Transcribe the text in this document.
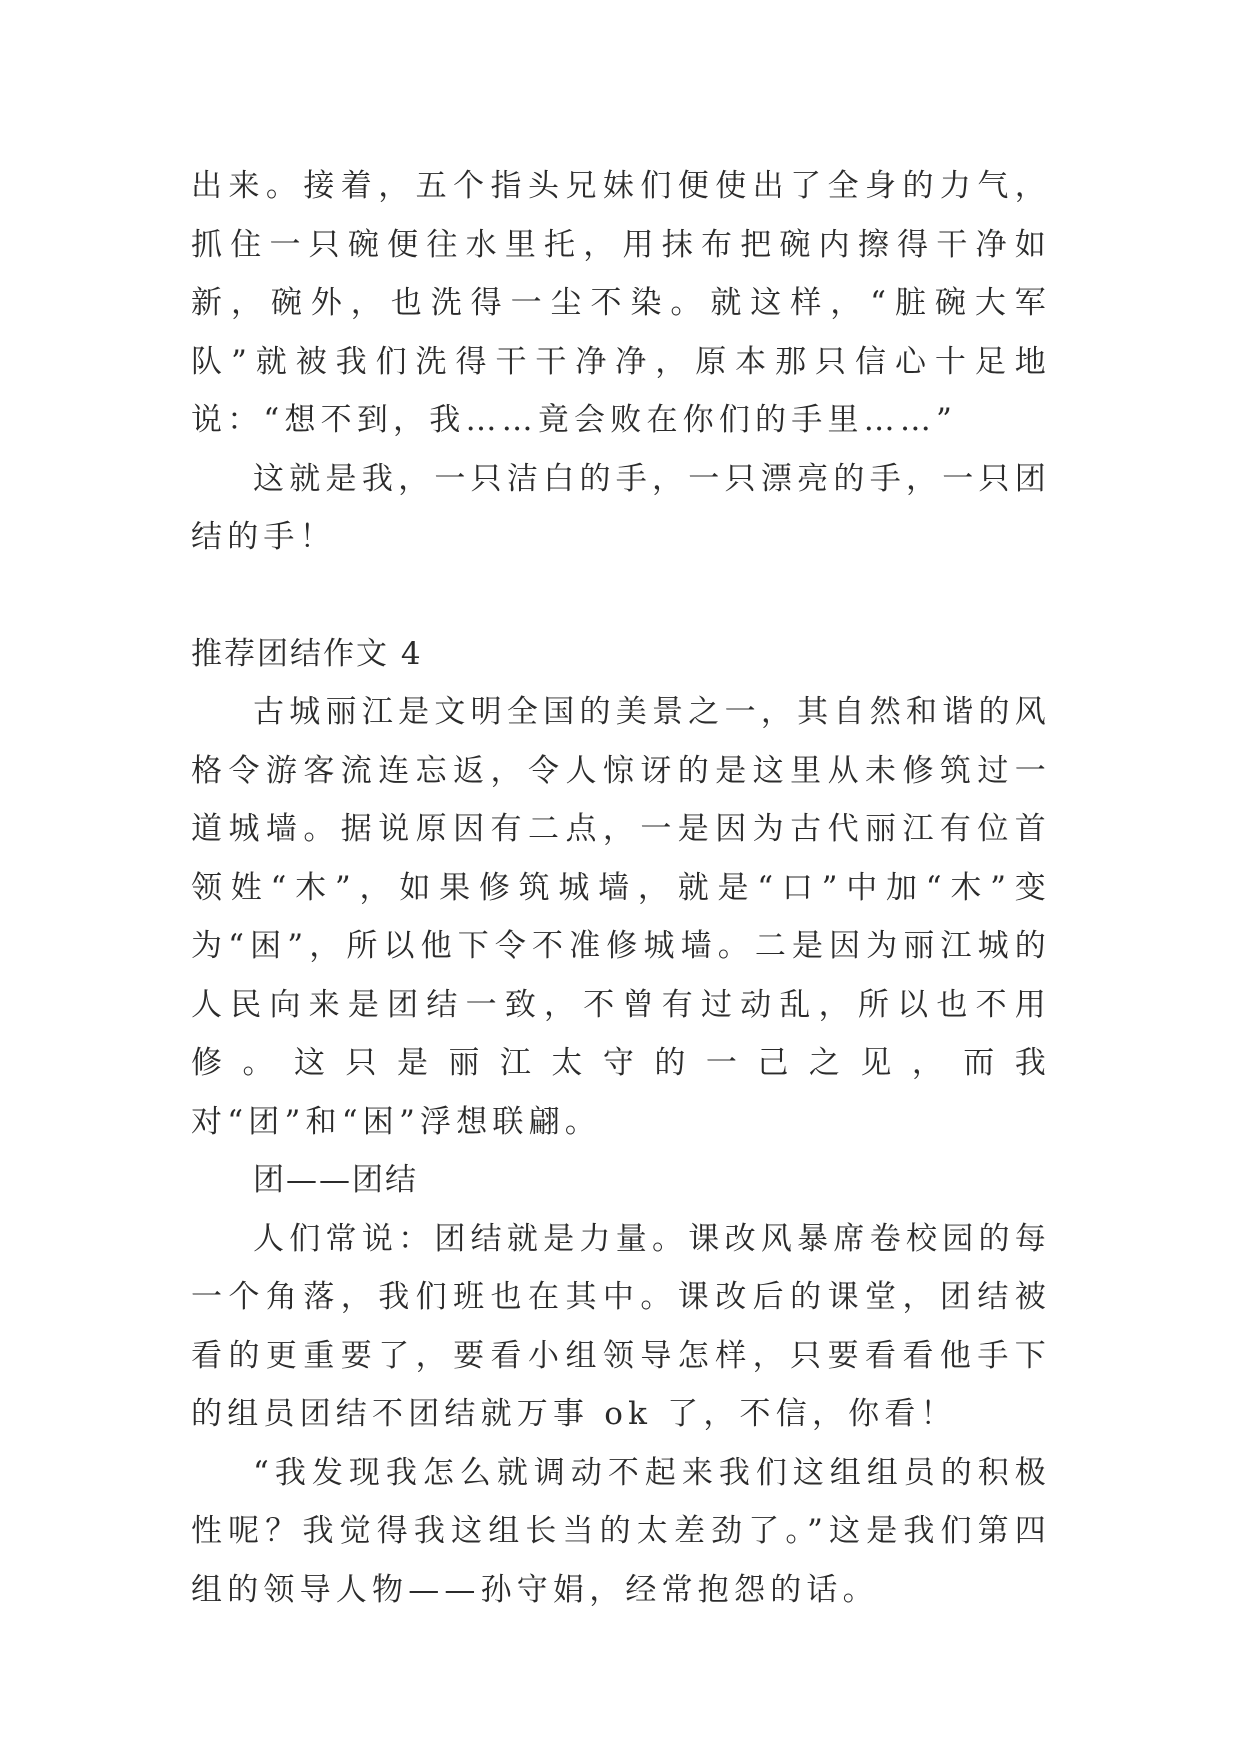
出来。接着，五个指头兄妹们便使出了全身的力气，抓住一只碗便往水里托，用抹布把碗内擦得干净如新，碗外，也洗得一尘不染。就这样，“脏碗大军队”就被我们洗得干干净净，原本那只信心十足地说：“想不到，我……竟会败在你们的手里……”

这就是我，一只洁白的手，一只漂亮的手，一只团结的手！

推荐团结作文 4

古城丽江是文明全国的美景之一，其自然和谐的风格令游客流连忘返，令人惊讶的是这里从未修筑过一道城墙。据说原因有二点，一是因为古代丽江有位首领姓“木”，如果修筑城墙，就是“口”中加“木”变为“困”，所以他下令不准修城墙。二是因为丽江城的人民向来是团结一致，不曾有过动乱，所以也不用修。这只是丽江太守的一己之见，而我对“团”和“困”浮想联翩。

团——团结

人们常说：团结就是力量。课改风暴席卷校园的每一个角落，我们班也在其中。课改后的课堂，团结被看的更重要了，要看小组领导怎样，只要看看他手下的组员团结不团结就万事 ok 了，不信，你看！

“我发现我怎么就调动不起来我们这组组员的积极性呢？我觉得我这组长当的太差劲了。”这是我们第四组的领导人物——孙守娟，经常抱怨的话。
